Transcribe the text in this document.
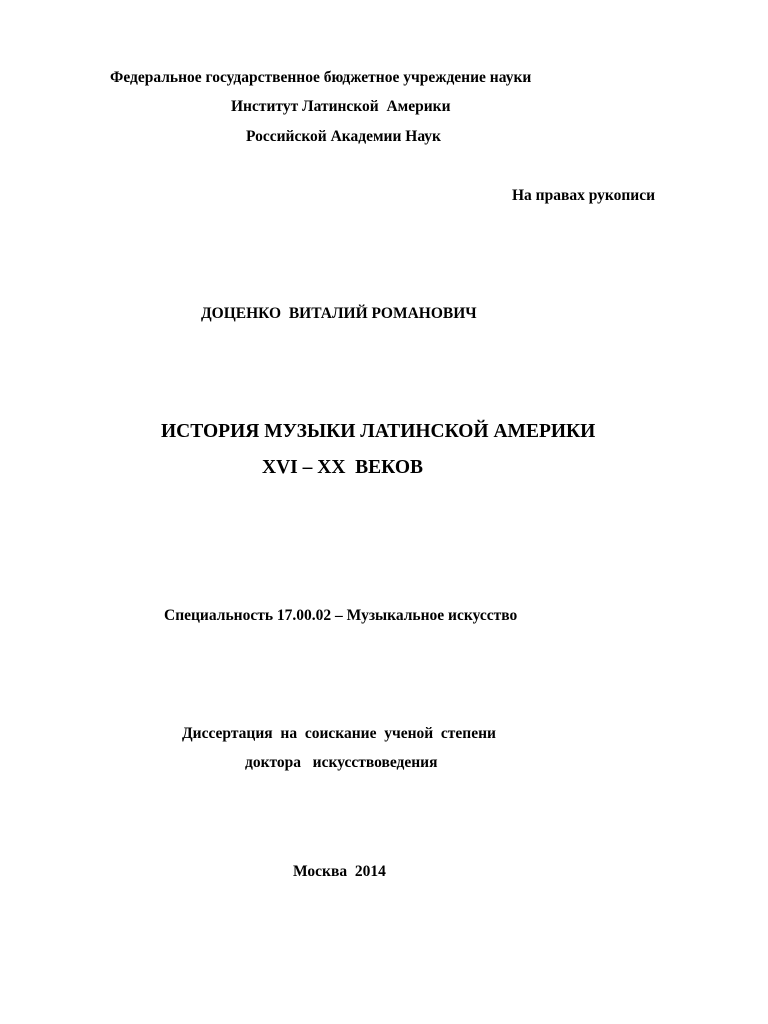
Федеральное государственное бюджетное учреждение науки
Институт Латинской  Америки
Российской Академии Наук
На правах рукописи
ДОЦЕНКО  ВИТАЛИЙ РОМАНОВИЧ
ИСТОРИЯ МУЗЫКИ ЛАТИНСКОЙ АМЕРИКИ
XVI – XX  ВЕКОВ
Специальность 17.00.02 – Музыкальное искусство
Диссертация  на  соискание  ученой  степени
доктора   искусствоведения
Москва  2014
